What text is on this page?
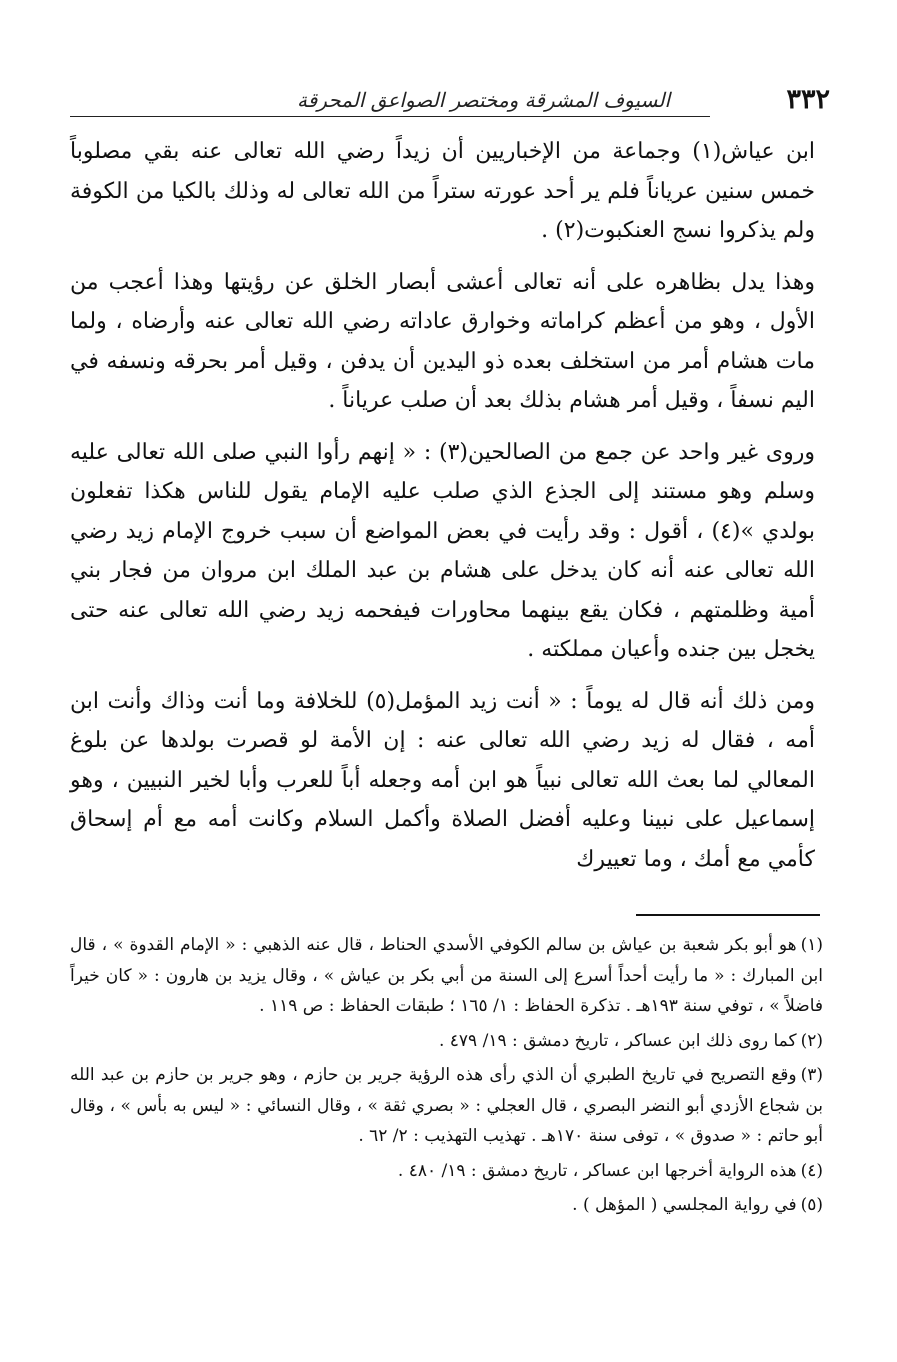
٣٣٢
السيوف المشرقة ومختصر الصواعق المحرقة

ابن عياش(١) وجماعة من الإخباريين أن زيداً رضي الله تعالى عنه بقي مصلوباً خمس سنين عرياناً فلم ير أحد عورته ستراً من الله تعالى له وذلك بالكيا من الكوفة ولم يذكروا نسج العنكبوت(٢) .

وهذا يدل بظاهره على أنه تعالى أعشى أبصار الخلق عن رؤيتها وهذا أعجب من الأول ، وهو من أعظم كراماته وخوارق عاداته رضي الله تعالى عنه وأرضاه ، ولما مات هشام أمر من استخلف بعده ذو اليدين أن يدفن ، وقيل أمر بحرقه ونسفه في اليم نسفاً ، وقيل أمر هشام بذلك بعد أن صلب عرياناً .

وروى غير واحد عن جمع من الصالحين(٣) : « إنهم رأوا النبي صلى الله تعالى عليه وسلم وهو مستند إلى الجذع الذي صلب عليه الإمام يقول للناس هكذا تفعلون بولدي »(٤) ، أقول : وقد رأيت في بعض المواضع أن سبب خروج الإمام زيد رضي الله تعالى عنه أنه كان يدخل على هشام بن عبد الملك ابن مروان من فجار بني أمية وظلمتهم ، فكان يقع بينهما محاورات فيفحمه زيد رضي الله تعالى عنه حتى يخجل بين جنده وأعيان مملكته .

ومن ذلك أنه قال له يوماً : « أنت زيد المؤمل(٥) للخلافة وما أنت وذاك وأنت ابن أمه ، فقال له زيد رضي الله تعالى عنه : إن الأمة لو قصرت بولدها عن بلوغ المعالي لما بعث الله تعالى نبياً هو ابن أمه وجعله أباً للعرب وأبا لخير النبيين ، وهو إسماعيل على نبينا وعليه أفضل الصلاة وأكمل السلام وكانت أمه مع أم إسحاق كأمي مع أمك ، وما تعييرك

(١)هو أبو بكر شعبة بن عياش بن سالم الكوفي الأسدي الحناط ، قال عنه الذهبي : « الإمام القدوة » ، قال ابن المبارك : « ما رأيت أحداً أسرع إلى السنة من أبي بكر بن عياش » ، وقال يزيد بن هارون : « كان خيراً فاضلاً » ، توفي سنة ١٩٣هـ . تذكرة الحفاظ : ١/ ١٦٥ ؛ طبقات الحفاظ : ص ١١٩ .

(٢)كما روى ذلك ابن عساكر ، تاريخ دمشق : ١٩/ ٤٧٩ .

(٣)وقع التصريح في تاريخ الطبري أن الذي رأى هذه الرؤية جرير بن حازم ، وهو جرير بن حازم بن عبد الله بن شجاع الأزدي أبو النضر البصري ، قال العجلي : « بصري ثقة » ، وقال النسائي : « ليس به بأس » ، وقال أبو حاتم : « صدوق » ، توفى سنة ١٧٠هـ . تهذيب التهذيب : ٢/ ٦٢ .

(٤)هذه الرواية أخرجها ابن عساكر ، تاريخ دمشق : ١٩/ ٤٨٠ .

(٥)في رواية المجلسي ( المؤهل ) .
